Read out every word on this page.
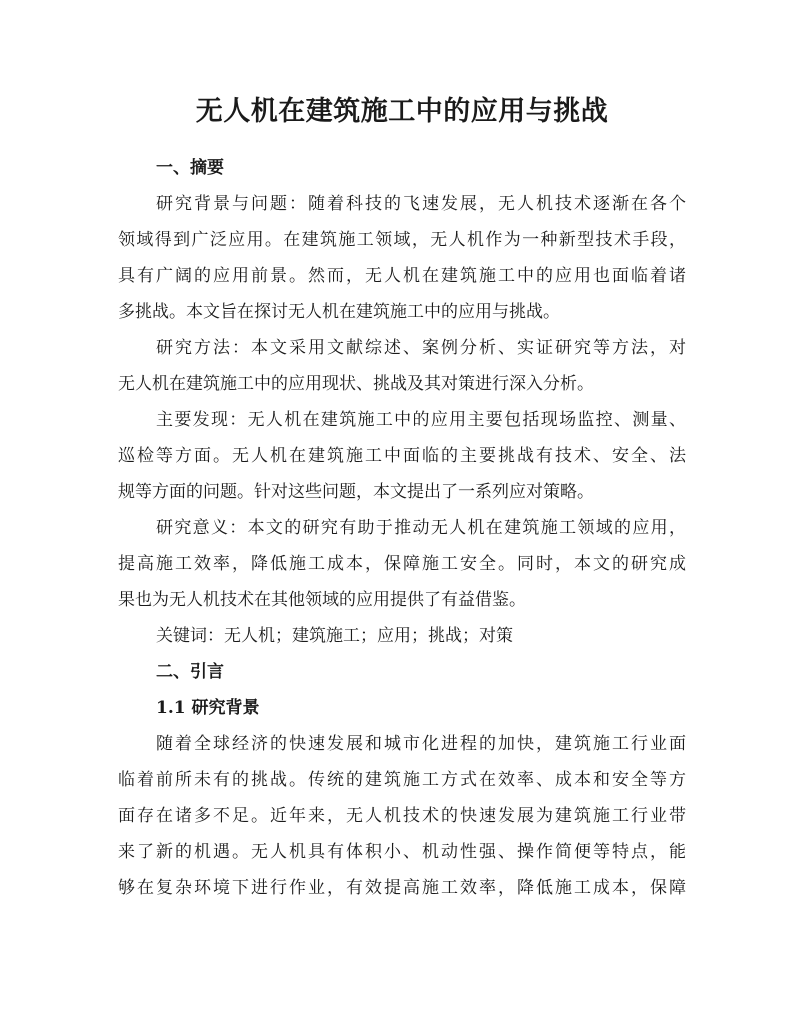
无人机在建筑施工中的应用与挑战
一、摘要

研究背景与问题：随着科技的飞速发展，无人机技术逐渐在各个
领域得到广泛应用。在建筑施工领域，无人机作为一种新型技术手段，
具有广阔的应用前景。然而，无人机在建筑施工中的应用也面临着诸
多挑战。本文旨在探讨无人机在建筑施工中的应用与挑战。

研究方法：本文采用文献综述、案例分析、实证研究等方法，对
无人机在建筑施工中的应用现状、挑战及其对策进行深入分析。

主要发现：无人机在建筑施工中的应用主要包括现场监控、测量、
巡检等方面。无人机在建筑施工中面临的主要挑战有技术、安全、法
规等方面的问题。针对这些问题，本文提出了一系列应对策略。

研究意义：本文的研究有助于推动无人机在建筑施工领域的应用，
提高施工效率，降低施工成本，保障施工安全。同时，本文的研究成
果也为无人机技术在其他领域的应用提供了有益借鉴。

关键词：无人机；建筑施工；应用；挑战；对策

二、引言
1.1 研究背景

随着全球经济的快速发展和城市化进程的加快，建筑施工行业面
临着前所未有的挑战。传统的建筑施工方式在效率、成本和安全等方
面存在诸多不足。近年来，无人机技术的快速发展为建筑施工行业带
来了新的机遇。无人机具有体积小、机动性强、操作简便等特点，能
够在复杂环境下进行作业，有效提高施工效率，降低施工成本，保障
